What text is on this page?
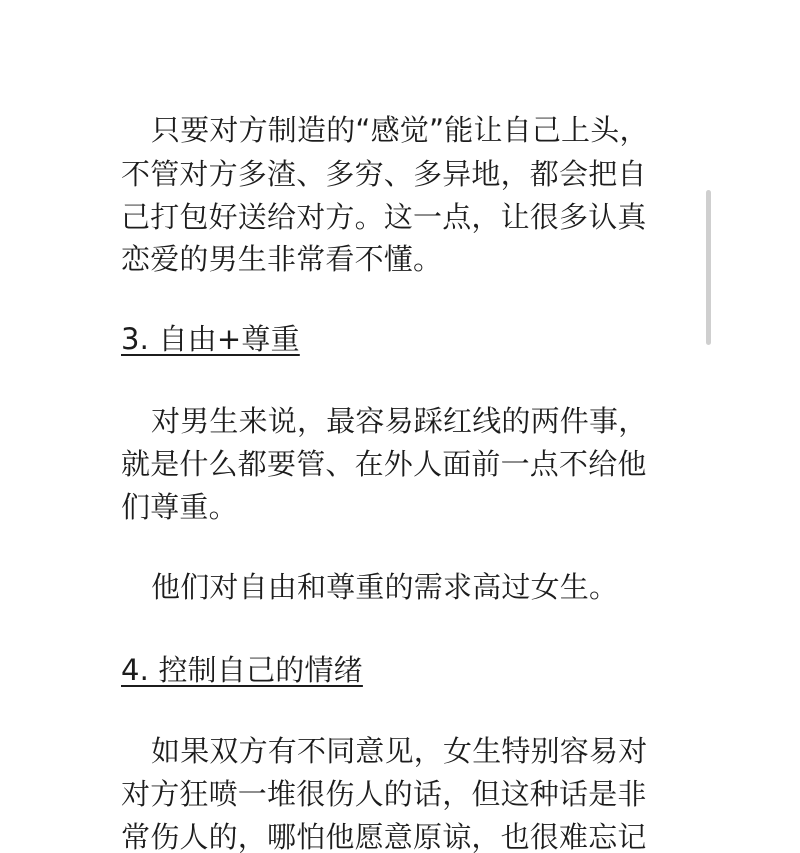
只要对方制造的“感觉”能让自己上头，
不管对方多渣、多穷、多异地，都会把自
己打包好送给对方。这一点，让很多认真
恋爱的男生非常看不懂。
3. 自由+尊重
对男生来说，最容易踩红线的两件事，
就是什么都要管、在外人面前一点不给他
们尊重。
他们对自由和尊重的需求高过女生。
4. 控制自己的情绪
如果双方有不同意见，女生特别容易对
对方狂喷一堆很伤人的话，但这种话是非
常伤人的，哪怕他愿意原谅，也很难忘记
